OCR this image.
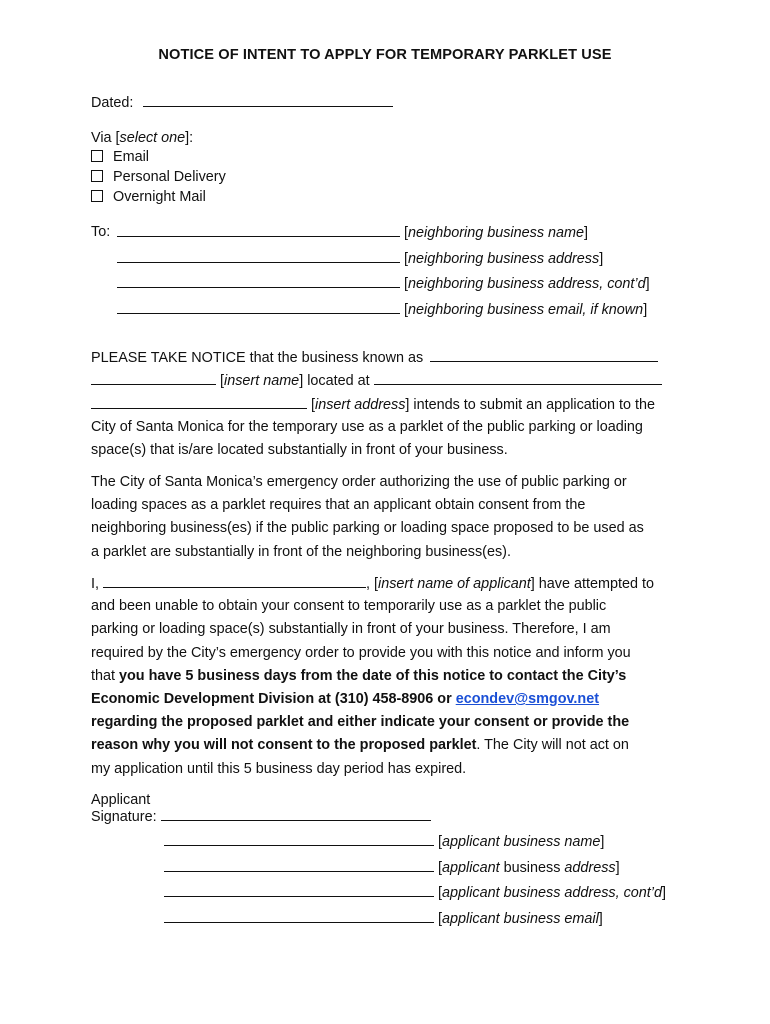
NOTICE OF INTENT TO APPLY FOR TEMPORARY PARKLET USE
Dated:
Via [select one]:
Email
Personal Delivery
Overnight Mail
To:	[neighboring business name]
[neighboring business address]
[neighboring business address, cont’d]
[neighboring business email, if known]
PLEASE TAKE NOTICE that the business known as
[insert name] located at
[insert address] intends to submit an application to the
City of Santa Monica for the temporary use as a parklet of the public parking or loading
space(s) that is/are located substantially in front of your business.
The City of Santa Monica’s emergency order authorizing the use of public parking or
loading spaces as a parklet requires that an applicant obtain consent from the
neighboring business(es) if the public parking or loading space proposed to be used as
a parklet are substantially in front of the neighboring business(es).
I,	, [insert name of applicant] have attempted to
and been unable to obtain your consent to temporarily use as a parklet the public
parking or loading space(s) substantially in front of your business. Therefore, I am
required by the City’s emergency order to provide you with this notice and inform you
that you have 5 business days from the date of this notice to contact the City’s
Economic Development Division at (310) 458-8906 or econdev@smgov.net
regarding the proposed parklet and either indicate your consent or provide the
reason why you will not consent to the proposed parklet. The City will not act on
my application until this 5 business day period has expired.
Applicant
Signature:
[applicant business name]
[applicant business address]
[applicant business address, cont’d]
[applicant business email]
